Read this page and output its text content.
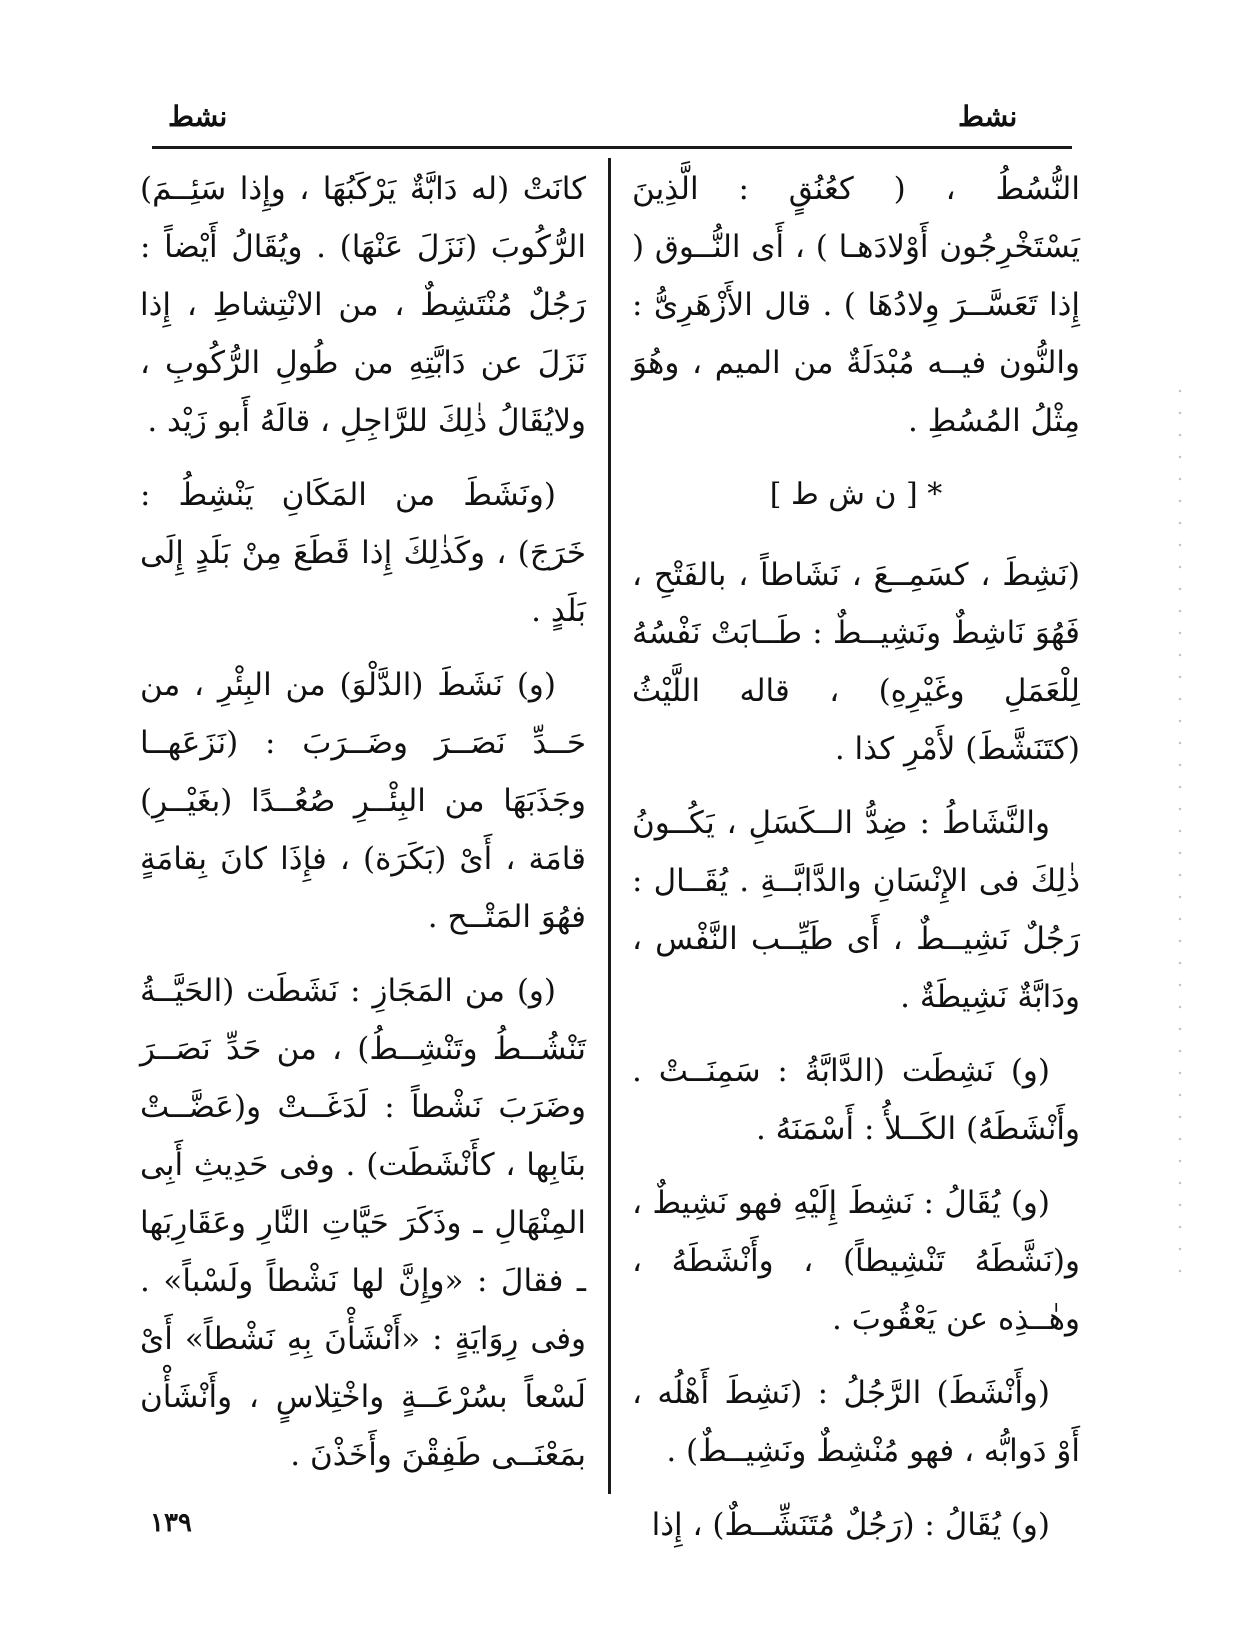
نشط
نشط

النُّسُطُ ، ( كعُنُقٍ : الَّذِينَ يَسْتَخْرِجُون أَوْلادَهـا ) ، أَى النُّــوق ( إِذا تَعَسَّــرَ وِلادُهَا ) . قال الأَزْهَرِىُّ : والنُّون فيــه مُبْدَلَةٌ من الميم ، وهُوَ مِثْلُ المُسُطِ .

* [ ن ش ط ]

(نَشِطَ ، كسَمِــعَ ، نَشَاطاً ، بالفَتْحِ ، فَهُوَ نَاشِطٌ ونَشِيــطٌ : طَــابَتْ نَفْسُهُ لِلْعَمَلِ وغَيْرِهِ) ، قاله اللَّيْثُ (كتَنَشَّطَ) لأَمْرِ كذا .

والنَّشَاطُ : ضِدُّ الــكَسَلِ ، يَكُــونُ ذٰلِكَ فى الإِنْسَانِ والدَّابَّــةِ . يُقَــال : رَجُلٌ نَشِيــطٌ ، أَى طَيِّــب النَّفْس ، ودَابَّةٌ نَشِيطَةٌ .

(و) نَشِطَت (الدَّابَّةُ : سَمِنَــتْ . وأَنْشَطَهُ) الكَــلأُ : أَسْمَنَهُ .

(و) يُقَالُ : نَشِطَ إِلَيْهِ فهو نَشِيطٌ ، و(نَشَّطَهُ تَنْشِيطاً) ، وأَنْشَطَهُ ، وهٰــذِه عن يَعْقُوبَ .

(وأَنْشَطَ) الرَّجُلُ : (نَشِطَ أَهْلُه ، أَوْ دَوابُّه ، فهو مُنْشِطٌ ونَشِيــطٌ) .

(و) يُقَالُ : (رَجُلٌ مُتَنَشِّــطٌ) ، إِذا

كانَتْ (له دَابَّةٌ يَرْكَبُهَا ، وإِذا سَئِــمَ) الرُّكُوبَ (نَزَلَ عَنْهَا) . ويُقَالُ أَيْضاً : رَجُلٌ مُنْتَشِطٌ ، من الانْتِشاطِ ، إِذا نَزَلَ عن دَابَّتِهِ من طُولِ الرُّكُوبِ ، ولايُقَالُ ذٰلِكَ للرَّاجِلِ ، قالَهُ أَبو زَيْد .

(ونَشَطَ من المَكَانِ يَنْشِطُ : خَرَجَ) ، وكَذٰلِكَ إِذا قَطَعَ مِنْ بَلَدٍ إِلَى بَلَدٍ .

(و) نَشَطَ (الدَّلْوَ) من البِئْرِ ، من حَــدِّ نَصَــرَ وضَــرَبَ : (نَزَعَهــا وجَذَبَهَا من البِئْــرِ صُعُــدًا (بغَيْــرِ) قامَة ، أَىْ (بَكَرَة) ، فإِذَا كانَ بِقامَةٍ فهُوَ المَتْــح .

(و) من المَجَازِ : نَشَطَت (الحَيَّــةُ تَنْشُــطُ وتَنْشِــطُ) ، من حَدِّ نَصَــرَ وضَرَبَ نَشْطاً : لَدَغَــتْ و(عَضَّــتْ بنَابِها ، كأَنْشَطَت) . وفى حَدِيثِ أَبِى المِنْهَالِ ـ وذَكَرَ حَيَّاتِ النَّارِ وعَقَارِبَها ـ فقالَ : «وإِنَّ لها نَشْطاً ولَسْباً» . وفى رِوَايَةٍ : «أَنْشَأْنَ بِهِ نَشْطاً» أَىْ لَسْعاً بسُرْعَــةٍ واخْتِلاسٍ ، وأَنْشَأْن بمَعْنَــى طَفِقْنَ وأَخَذْنَ .

١٣٩
